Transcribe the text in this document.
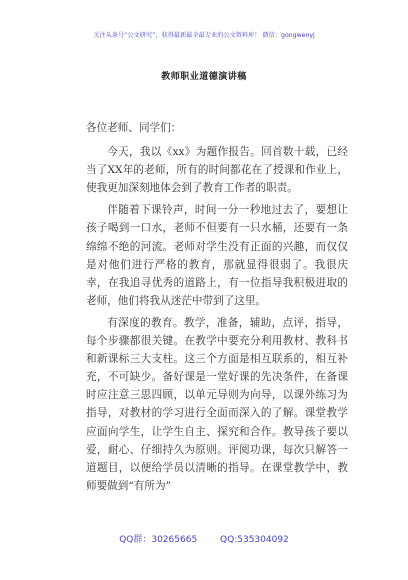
关注头条号“公文研究”，获得最新最全最专业的公文资料库！ 微信：gongwenyj
教师职业道德演讲稿

各位老师、同学们：

今天，我以《xx》为题作报告。回首数十载，已经当了XX年的老师，所有的时间都花在了授课和作业上，使我更加深刻地体会到了教育工作者的职责。

伴随着下课铃声，时间一分一秒地过去了，要想让孩子喝到一口水，老师不但要有一只水桶，还要有一条绵绵不绝的河流。老师对学生没有正面的兴趣，而仅仅是对他们进行严格的教育，那就显得很弱了。我很庆幸，在我追寻优秀的道路上，有一位指导我积极进取的老师，他们将我从迷茫中带到了这里。

有深度的教育。教学，准备，辅助，点评，指导，每个步骤都很关键。在教学中要充分利用教材、教科书和新课标三大支柱。这三个方面是相互联系的，相互补充，不可缺少。备好课是一堂好课的先决条件，在备课时应注意三思四顾，以单元导则为向导，以课外练习为指导，对教材的学习进行全面而深入的了解。课堂教学应面向学生，让学生自主、探究和合作。教导孩子要以爱，耐心、仔细持久为原则。评阅功课，每次只解答一道题目，以便给学员以清晰的指导。在课堂教学中，教师要做到“有所为”

QQ群：30265665	QQ:535304092
